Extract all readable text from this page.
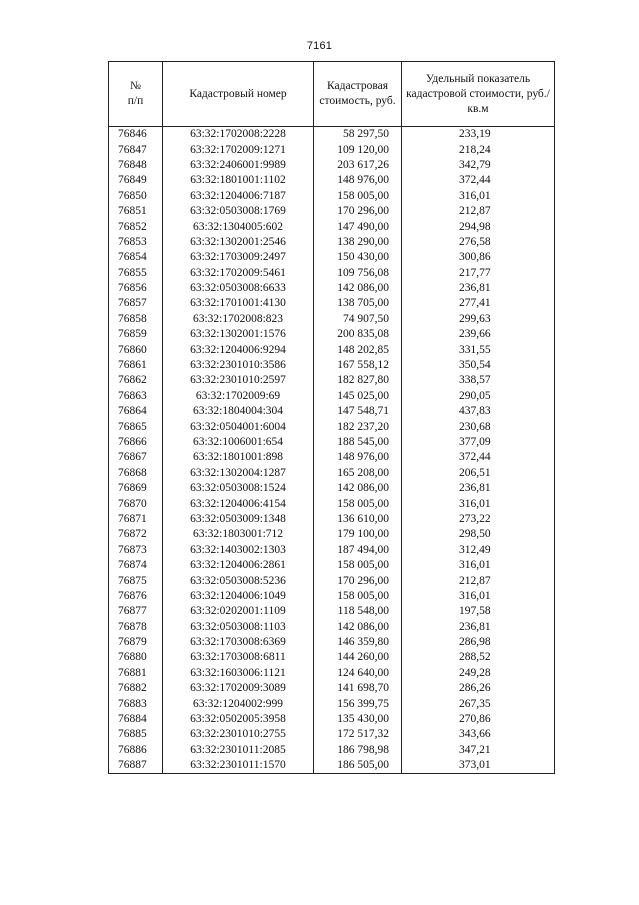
7161
№
п/п	Кадастровый номер	Кадастровая стоимость, руб.	Удельный показатель кадастровой стоимости, руб./кв.м
76846	63:32:1702008:2228	58 297,50	233,19
76847	63:32:1702009:1271	109 120,00	218,24
76848	63:32:2406001:9989	203 617,26	342,79
76849	63:32:1801001:1102	148 976,00	372,44
76850	63:32:1204006:7187	158 005,00	316,01
76851	63:32:0503008:1769	170 296,00	212,87
76852	63:32:1304005:602	147 490,00	294,98
76853	63:32:1302001:2546	138 290,00	276,58
76854	63:32:1703009:2497	150 430,00	300,86
76855	63:32:1702009:5461	109 756,08	217,77
76856	63:32:0503008:6633	142 086,00	236,81
76857	63:32:1701001:4130	138 705,00	277,41
76858	63:32:1702008:823	74 907,50	299,63
76859	63:32:1302001:1576	200 835,08	239,66
76860	63:32:1204006:9294	148 202,85	331,55
76861	63:32:2301010:3586	167 558,12	350,54
76862	63:32:2301010:2597	182 827,80	338,57
76863	63:32:1702009:69	145 025,00	290,05
76864	63:32:1804004:304	147 548,71	437,83
76865	63:32:0504001:6004	182 237,20	230,68
76866	63:32:1006001:654	188 545,00	377,09
76867	63:32:1801001:898	148 976,00	372,44
76868	63:32:1302004:1287	165 208,00	206,51
76869	63:32:0503008:1524	142 086,00	236,81
76870	63:32:1204006:4154	158 005,00	316,01
76871	63:32:0503009:1348	136 610,00	273,22
76872	63:32:1803001:712	179 100,00	298,50
76873	63:32:1403002:1303	187 494,00	312,49
76874	63:32:1204006:2861	158 005,00	316,01
76875	63:32:0503008:5236	170 296,00	212,87
76876	63:32:1204006:1049	158 005,00	316,01
76877	63:32:0202001:1109	118 548,00	197,58
76878	63:32:0503008:1103	142 086,00	236,81
76879	63:32:1703008:6369	146 359,80	286,98
76880	63:32:1703008:6811	144 260,00	288,52
76881	63:32:1603006:1121	124 640,00	249,28
76882	63:32:1702009:3089	141 698,70	286,26
76883	63:32:1204002:999	156 399,75	267,35
76884	63:32:0502005:3958	135 430,00	270,86
76885	63:32:2301010:2755	172 517,32	343,66
76886	63:32:2301011:2085	186 798,98	347,21
76887	63:32:2301011:1570	186 505,00	373,01
